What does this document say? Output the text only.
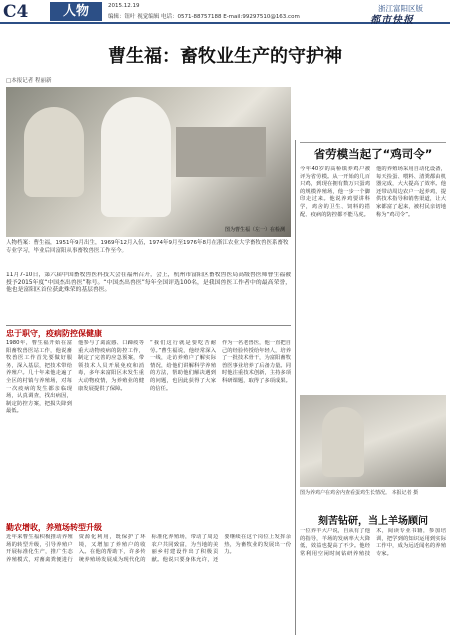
C4	人物	2015.12.19
编辑：钮叶 视觉编辑 电话：0571-88757188 E-mail:99297510@163.com
浙江富阳区版
都市快报
曹生福：畜牧业生产的守护神
□本报记者 程丽新
图为曹生福（左一）在检测
人物档案：曹生福，1951年9月出生，1969年12月入伍，1974年9月至1976年8月在浙江农业大学畜牧兽医系畜牧专业学习，毕业后回富阳从事畜牧兽医工作至今。
11月7-10日，第六届中国畜牧兽医科技大会在福州召开，会上，杭州市富阳区畜牧兽医局高级兽医师曹生福被授予2015年度“中国杰出兽医”称号。“中国杰出兽医”每年全国评选100名，是我国兽医工作者中的最高荣誉，他也是富阳区首位获此殊荣的基层兽医。
忠于职守，疫病防控保健康
1980年，曹生福开始在富阳畜牧兽医站工作，他说畜牧兽医工作首先要做好服务，深入基层，把技术带给养殖户。几十年来他走遍了全区的村镇与养殖场，对每一次疫病的发生都亲临现场，认真调查，找出病因，制定防控方案，把损失降到最低。
他参与了禽流感、口蹄疫等重大动物疫病的防控工作，制定了完善的应急预案，带领技术人员开展免疫和消毒，多年来富阳区未发生重大动物疫情，为养殖业的健康发展提供了保障。
“我们这行就是要吃苦耐劳。”曹生福说，他经常深入一线，走访养殖户了解实际情况，给他们讲解科学养殖的方法，帮助他们解决遇到的问题，也因此获得了大家的信任。
作为一名老兽医，他一直把自己的经验传授给年轻人，培养了一批技术骨干，为富阳畜牧兽医事业培养了后备力量。同时他注重技术创新，主持多项科研课题，取得了多项成果。
勤农增收，养殖场转型升级
近年来曹生福积极推动养殖场的转型升级，引导养殖户开展标准化生产，推广生态养殖模式，对畜禽粪便进行资源化利用，既保护了环境，又增加了养殖户的收入。在他的帮助下，许多传统养殖场发展成为现代化的标准化养殖场，带动了周边农户共同致富，为当地的美丽乡村建设作出了积极贡献。他说只要身体允许，还要继续在这个岗位上发挥余热，为畜牧业的发展出一份力。
省劳模当起了“鸡司令”
今年40岁的高桥镇养鸡户被评为省劳模。从一开始的几百只鸡，到现在拥有数万只蛋鸡的规模养殖场，他一步一个脚印走过来。他说养鸡要讲科学，鸡舍的卫生、饲料的搭配、疫病的防控都不能马虎。
他的养殖场采用自动化设备，每天捡蛋、喂料、清粪都由机器完成，大大提高了效率。他还带动周边农户一起养鸡，提供技术指导和销售渠道，让大家都富了起来，被村民亲切地称为“鸡司令”。
图为养鸡户在鸡舍内查看蛋鸡生长情况。 本报记者 摄
刻苦钻研，当上羊场顾问
一位养羊大户说，自从有了他的指导，羊场的发病率大大降低，效益也提高了不少。他经常利用空闲时间钻研养殖技术，阅读专业书籍，参加培训，把学到的知识运用到实际工作中，成为远近闻名的养殖专家。
